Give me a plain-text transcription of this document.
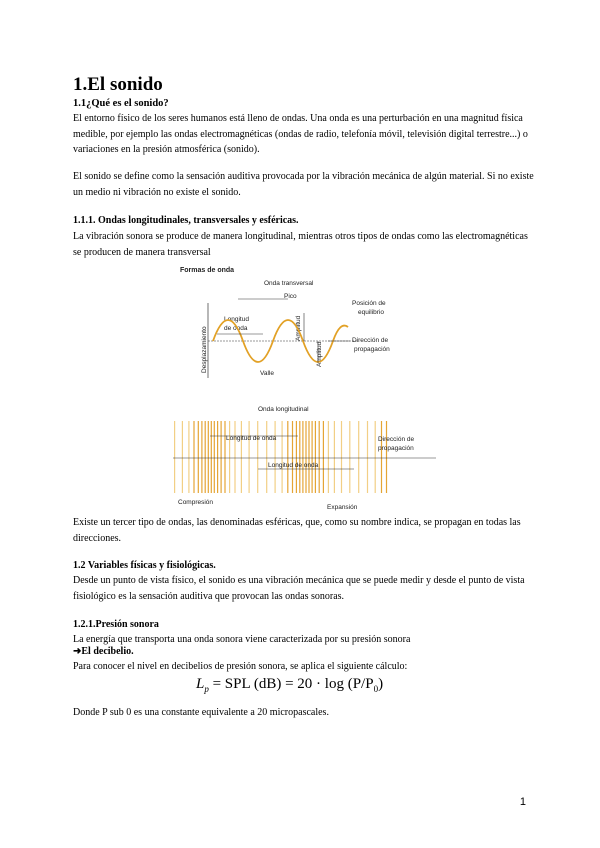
1.El sonido
1.1¿Qué es el sonido?
El entorno físico de los seres humanos está lleno de ondas. Una onda es una perturbación en una magnitud física medible, por ejemplo las ondas electromagnéticas (ondas de radio, telefonía móvil, televisión digital terrestre...) o variaciones en la presión atmosférica (sonido).
El sonido se define como la sensación auditiva provocada por la vibración mecánica de algún material. Si no existe un medio ni vibración no existe el sonido.
1.1.1. Ondas longitudinales, transversales y esféricas.
La vibración sonora se produce de manera longitudinal, mientras otros tipos de ondas como las electromagnéticas se producen de manera transversal
Formas de onda
Onda transversal
Pico
Posición de
equilibrio
Longitud
de onda
Dirección de
propagación
Valle
Desplazamiento	Amplitud
Amplitud
Onda longitudinal
Longitud de onda
Longitud de onda
Dirección de
propagación
Compresión
Expansión
Existe un tercer tipo de ondas, las denominadas esféricas, que, como su nombre indica, se propagan en todas las direcciones.
1.2 Variables físicas y fisiológicas.
Desde un punto de vista físico, el sonido es una vibración mecánica que se puede medir y desde el punto de vista fisiológico es la sensación auditiva que provocan las ondas sonoras.
1.2.1.Presión sonora
La energía que transporta una onda sonora viene caracterizada por su presión sonora
➜El decibelio.
Para conocer el nivel en decibelios de presión sonora, se aplica el siguiente cálculo:
$L_p$ = SPL $(dB) = 20 \cdot \log (P/P_0)$
Donde P sub 0 es una constante equivalente a 20 micropascales.
1
